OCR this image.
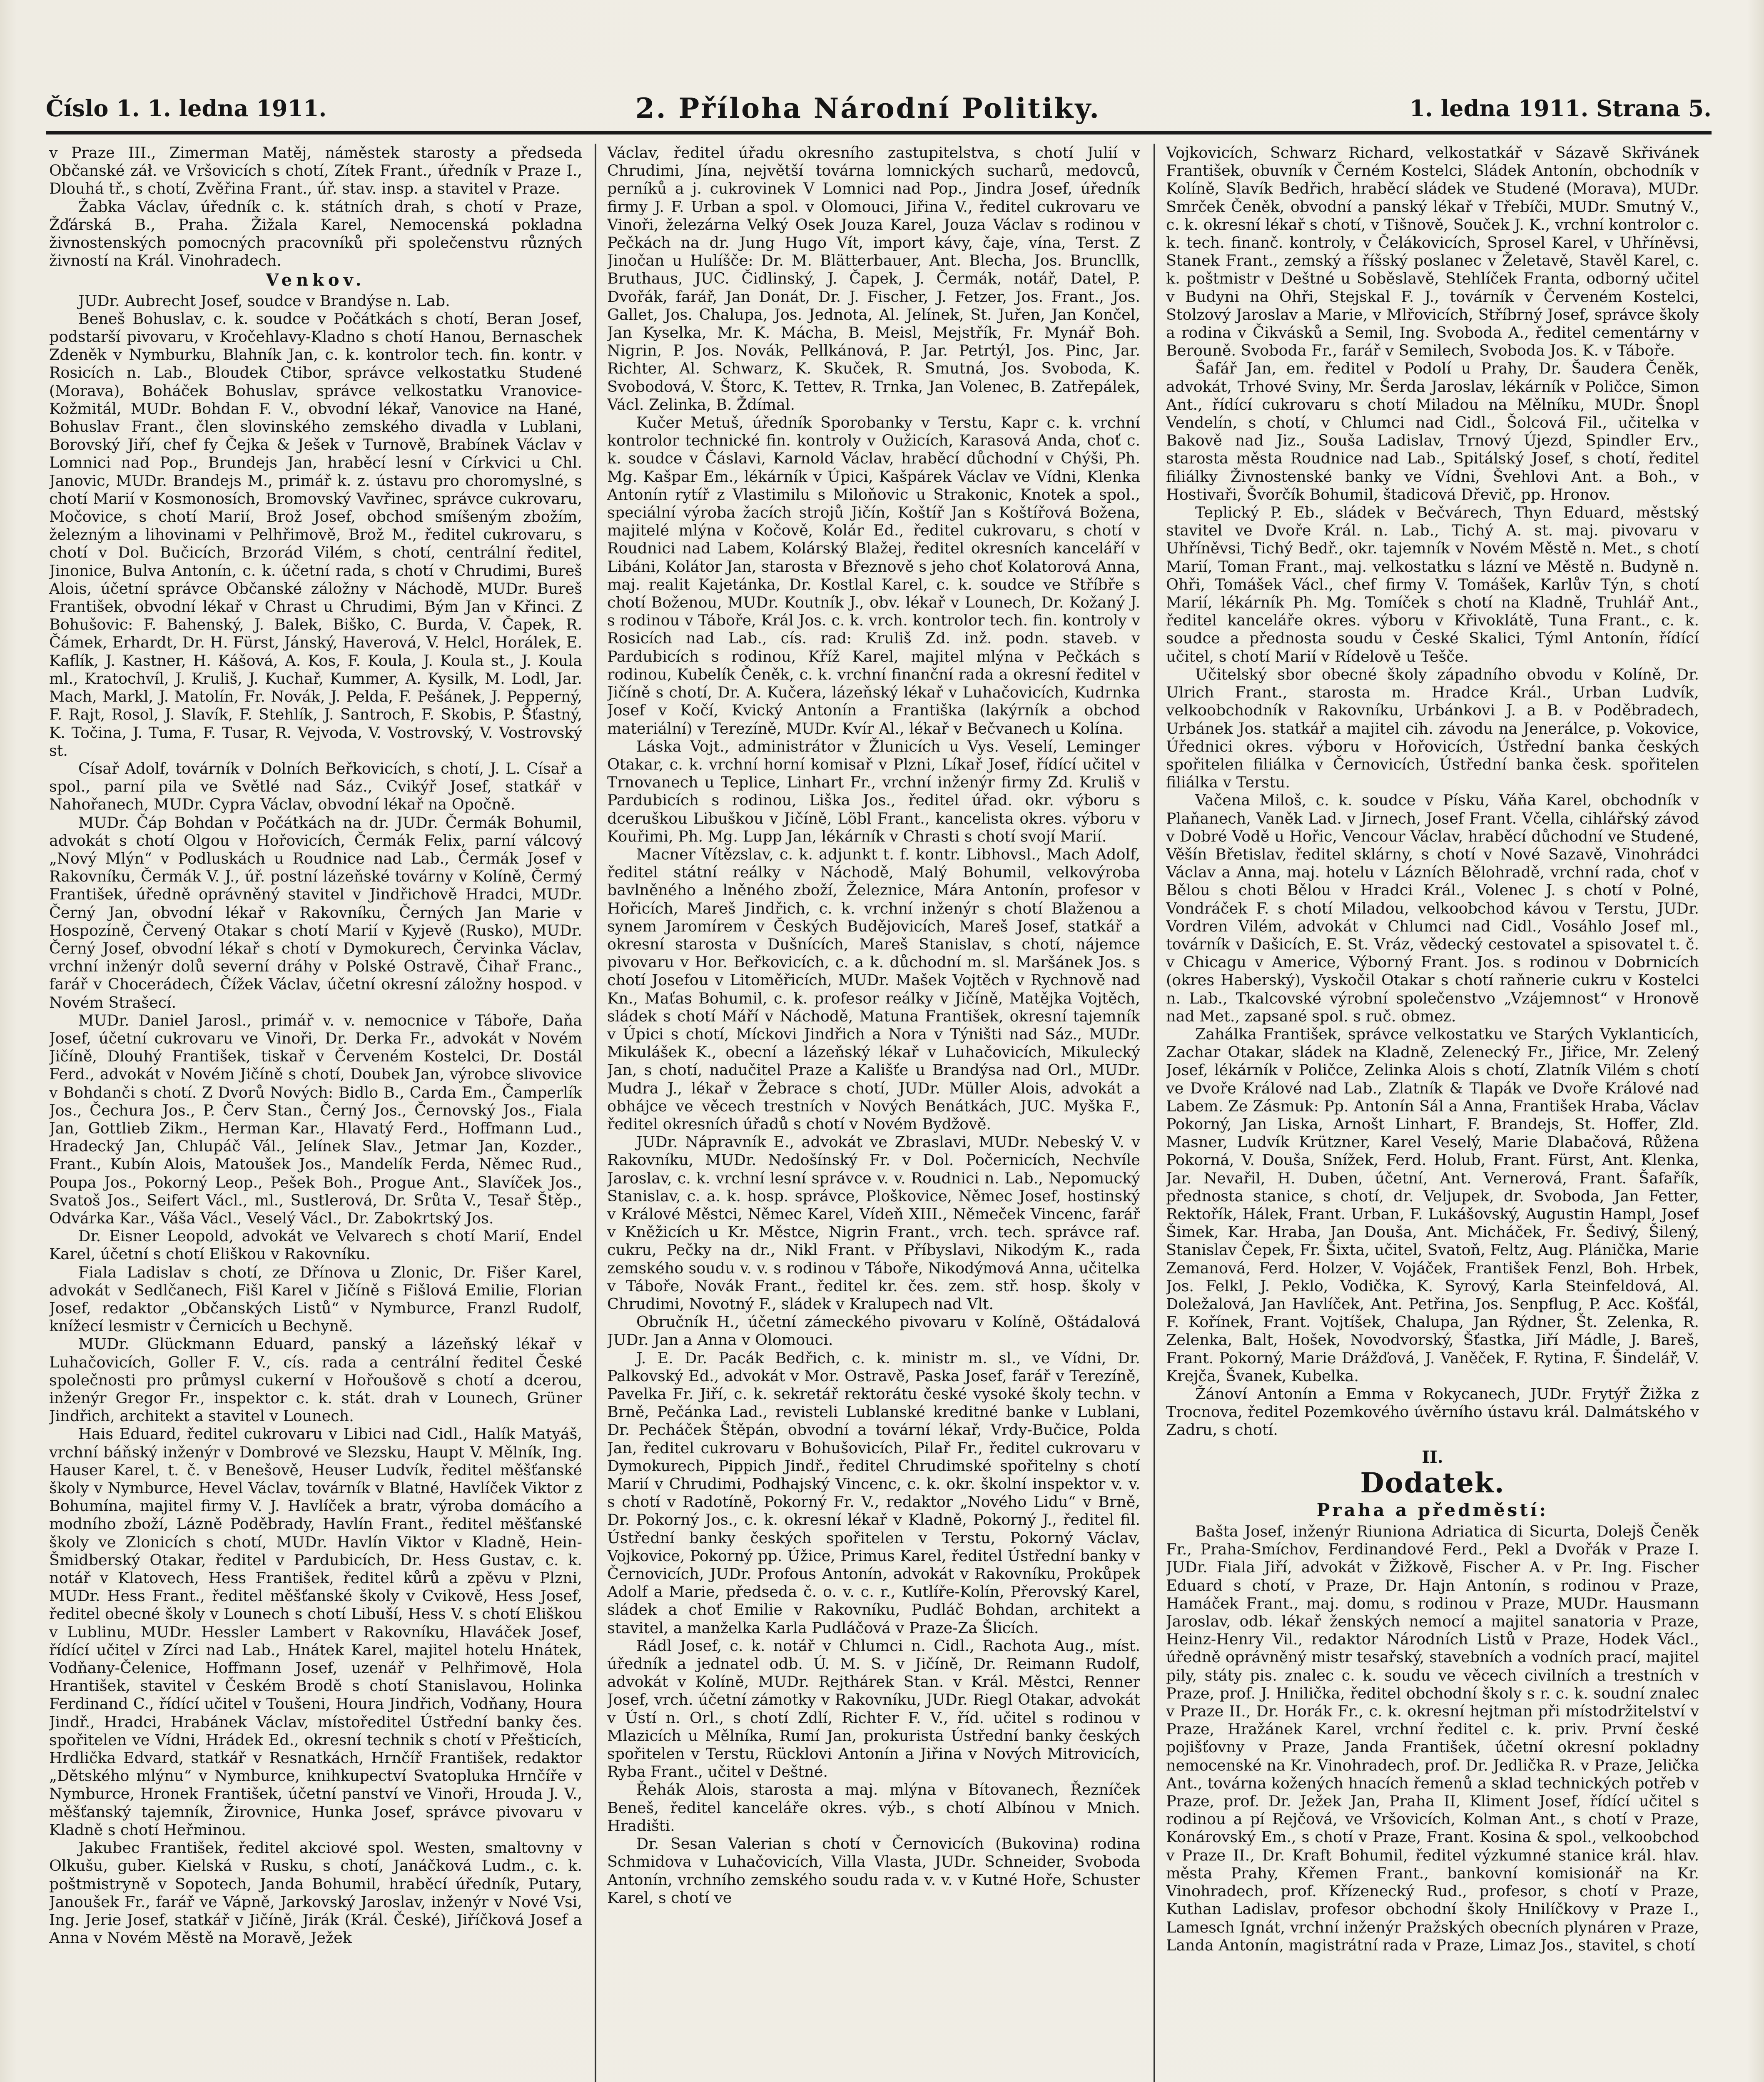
Číslo 1. 1. ledna 1911.	2. Příloha Národní Politiky.	1. ledna 1911. Strana 5.

v Praze III., Zimerman Matěj, náměstek starosty a předseda Občanské záł. ve Vršovicích s chotí, Zítek Frant., úředník v Praze I., Dlouhá tř., s chotí, Zvěřina Frant., úř. stav. insp. a stavitel v Praze.

Žabka Václav, úředník c. k. státních drah, s chotí v Praze, Žďárská B., Praha. Žižala Karel, Nemocenská pokladna živnostenských pomocných pracovníků při společenstvu různých živností na Král. Vinohradech.

Venkov.

JUDr. Aubrecht Josef, soudce v Brandýse n. Lab.

Beneš Bohuslav, c. k. soudce v Počátkách s chotí, Beran Josef, podstarší pivovaru, v Kročehlavy-Kladno s chotí Hanou, Bernaschek Zdeněk v Nymburku, Blahník Jan, c. k. kontrolor tech. fin. kontr. v Rosicích n. Lab., Bloudek Ctibor, správce velkostatku Studené (Morava), Boháček Bohuslav, správce velkostatku Vranovice-Kožmitál, MUDr. Bohdan F. V., obvodní lékař, Vanovice na Hané, Bohuslav Frant., člen slovinského zemského divadla v Lublani, Borovský Jiří, chef fy Čejka & Ješek v Turnově, Brabínek Václav v Lomnici nad Pop., Brundejs Jan, hraběcí lesní v Církvici u Chl. Janovic, MUDr. Brandejs M., primář k. z. ústavu pro choromyslné, s chotí Marií v Kosmonosích, Bromovský Vavřinec, správce cukrovaru, Močovice, s chotí Marií, Brož Josef, obchod smíšeným zbožím, železným a lihovinami v Pelhřimově, Brož M., ředitel cukrovaru, s chotí v Dol. Bučicích, Brzorád Vilém, s chotí, centrální ředitel, Jinonice, Bulva Antonín, c. k. účetní rada, s chotí v Chrudimi, Bureš Alois, účetní správce Občanské záložny v Náchodě, MUDr. Bureš František, obvodní lékař v Chrast u Chrudimi, Bým Jan v Křinci. Z Bohušovic: F. Bahenský, J. Balek, Biško, C. Burda, V. Čapek, R. Čámek, Erhardt, Dr. H. Fürst, Jánský, Haverová, V. Helcl, Horálek, E. Kaflík, J. Kastner, H. Kášová, A. Kos, F. Koula, J. Koula st., J. Koula ml., Kratochvíl, J. Kruliš, J. Kuchař, Kummer, A. Kysilk, M. Lodl, Jar. Mach, Markl, J. Matolín, Fr. Novák, J. Pelda, F. Pešánek, J. Pepperný, F. Rajt, Rosol, J. Slavík, F. Stehlík, J. Santroch, F. Skobis, P. Šťastný, K. Točina, J. Tuma, F. Tusar, R. Vejvoda, V. Vostrovský, V. Vostrovský st.

Císař Adolf, továrník v Dolních Beřkovicích, s chotí, J. L. Císař a spol., parní pila ve Světlé nad Sáz., Cvikýř Josef, statkář v Nahořanech, MUDr. Cypra Václav, obvodní lékař na Opočně.

MUDr. Čáp Bohdan v Počátkách na dr. JUDr. Čermák Bohumil, advokát s chotí Olgou v Hořovicích, Čermák Felix, parní válcový „Nový Mlýn“ v Podluskách u Roudnice nad Lab., Čermák Josef v Rakovníku, Čermák V. J., úř. postní lázeňské továrny v Kolíně, Čermý František, úředně oprávněný stavitel v Jindřichově Hradci, MUDr. Černý Jan, obvodní lékař v Rakovníku, Černých Jan Marie v Hospozíně, Červený Otakar s chotí Marií v Kyjevě (Rusko), MUDr. Černý Josef, obvodní lékař s chotí v Dymokurech, Červinka Václav, vrchní inženýr dolů severní dráhy v Polské Ostravě, Čihař Franc., farář v Chocerádech, Čížek Václav, účetní okresní záložny hospod. v Novém Strašecí.

MUDr. Daniel Jarosl., primář v. v. nemocnice v Táboře, Daňa Josef, účetní cukrovaru ve Vinoři, Dr. Derka Fr., advokát v Novém Jičíně, Dlouhý František, tiskař v Červeném Kostelci, Dr. Dostál Ferd., advokát v Novém Jičíně s chotí, Doubek Jan, výrobce slivovice v Bohdanči s chotí. Z Dvorů Nových: Bidlo B., Carda Em., Čamperlík Jos., Čechura Jos., P. Červ Stan., Černý Jos., Černovský Jos., Fiala Jan, Gottlieb Zikm., Herman Kar., Hlavatý Ferd., Hoffmann Lud., Hradecký Jan, Chlupáč Vál., Jelínek Slav., Jetmar Jan, Kozder., Frant., Kubín Alois, Matoušek Jos., Mandelík Ferda, Němec Rud., Poupa Jos., Pokorný Leop., Pešek Boh., Progue Ant., Slavíček Jos., Svatoš Jos., Seifert Václ., ml., Sustlerová, Dr. Srůta V., Tesař Štěp., Odvárka Kar., Váša Václ., Veselý Václ., Dr. Zabokrtský Jos.

Dr. Eisner Leopold, advokát ve Velvarech s chotí Marií, Endel Karel, účetní s chotí Eliškou v Rakovníku.

Fiala Ladislav s chotí, ze Dřínova u Zlonic, Dr. Fišer Karel, advokát v Sedlčanech, Fišl Karel v Jičíně s Fišlová Emilie, Florian Josef, redaktor „Občanských Listů“ v Nymburce, Franzl Rudolf, knížecí lesmistr v Černicích u Bechyně.

MUDr. Glückmann Eduard, panský a lázeňský lékař v Luhačovicích, Goller F. V., cís. rada a centrální ředitel České společnosti pro průmysl cukerní v Hořoušově s chotí a dcerou, inženýr Gregor Fr., inspektor c. k. stát. drah v Lounech, Grüner Jindřich, architekt a stavitel v Lounech.

Hais Eduard, ředitel cukrovaru v Libici nad Cidl., Halík Matyáš, vrchní báňský inženýr v Dombrové ve Slezsku, Haupt V. Mělník, Ing. Hauser Karel, t. č. v Benešově, Heuser Ludvík, ředitel měšťanské školy v Nymburce, Hevel Václav, továrník v Blatné, Havlíček Viktor z Bohumína, majitel firmy V. J. Havlíček a bratr, výroba domácího a modního zboží, Lázně Poděbrady, Havlín Frant., ředitel měšťanské školy ve Zlonicích s chotí, MUDr. Havlín Viktor v Kladně, Hein-Šmidberský Otakar, ředitel v Pardubicích, Dr. Hess Gustav, c. k. notář v Klatovech, Hess František, ředitel kůrů a zpěvu v Plzni, MUDr. Hess Frant., ředitel měšťanské školy v Cvikově, Hess Josef, ředitel obecné školy v Lounech s chotí Libuší, Hess V. s chotí Eliškou v Lublinu, MUDr. Hessler Lambert v Rakovníku, Hlaváček Josef, řídící učitel v Zírci nad Lab., Hnátek Karel, majitel hotelu Hnátek, Vodňany-Čelenice, Hoffmann Josef, uzenář v Pelhřimově, Hola Hrantišek, stavitel v Českém Brodě s chotí Stanislavou, Holinka Ferdinand C., řídící učitel v Toušeni, Houra Jindřich, Vodňany, Houra Jindř., Hradci, Hrabánek Václav, místoředitel Ústřední banky čes. spořitelen ve Vídni, Hrádek Ed., okresní technik s chotí v Přešticích, Hrdlička Edvard, statkář v Resnatkách, Hrnčíř František, redaktor „Dětského mlýnu“ v Nymburce, knihkupectví Svatopluka Hrnčíře v Nymburce, Hronek František, účetní panství ve Vinoři, Hrouda J. V., měšťanský tajemník, Žirovnice, Hunka Josef, správce pivovaru v Kladně s chotí Heřminou.

Jakubec František, ředitel akciové spol. Westen, smaltovny v Olkušu, guber. Kielská v Rusku, s chotí, Janáčková Ludm., c. k. poštmistryně v Sopotech, Janda Bohumil, hraběcí úředník, Putary, Janoušek Fr., farář ve Vápně, Jarkovský Jaroslav, inženýr v Nové Vsi, Ing. Jerie Josef, statkář v Jičíně, Jirák (Král. České), Jiříčková Josef a Anna v Novém Městě na Moravě, Ježek

Václav, ředitel úřadu okresního zastupitelstva, s chotí Julií v Chrudimi, Jína, největší továrna lomnických sucharů, medovců, perníků a j. cukrovinek V Lomnici nad Pop., Jindra Josef, úředník firmy J. F. Urban a spol. v Olomouci, Jiřina V., ředitel cukrovaru ve Vinoři, železárna Velký Osek Jouza Karel, Jouza Václav s rodinou v Pečkách na dr. Jung Hugo Vít, import kávy, čaje, vína, Terst. Z Jinočan u Hulíšče: Dr. M. Blätterbauer, Ant. Blecha, Jos. Bruncllk, Bruthaus, JUC. Čidlinský, J. Čapek, J. Čermák, notář, Datel, P. Dvořák, farář, Jan Donát, Dr. J. Fischer, J. Fetzer, Jos. Frant., Jos. Gallet, Jos. Chalupa, Jos. Jednota, Al. Jelínek, St. Juřen, Jan Končel, Jan Kyselka, Mr. K. Mácha, B. Meisl, Mejstřík, Fr. Mynář Boh. Nigrin, P. Jos. Novák, Pellkánová, P. Jar. Petrtýl, Jos. Pinc, Jar. Richter, Al. Schwarz, K. Skuček, R. Smutná, Jos. Svoboda, K. Svobodová, V. Štorc, K. Tettev, R. Trnka, Jan Volenec, B. Zatřepálek, Václ. Zelinka, B. Ždímal.

Kučer Metuš, úředník Sporobanky v Terstu, Kapr c. k. vrchní kontrolor technické fin. kontroly v Oužicích, Karasová Anda, choť c. k. soudce v Čáslavi, Karnold Václav, hraběcí důchodní v Chýši, Ph. Mg. Kašpar Em., lékárník v Úpici, Kašpárek Václav ve Vídni, Klenka Antonín rytíř z Vlastimilu s Miloňovic u Strakonic, Knotek a spol., speciální výroba žacích strojů Jičín, Koštíř Jan s Koštířová Božena, majitelé mlýna v Kočově, Kolár Ed., ředitel cukrovaru, s chotí v Roudnici nad Labem, Kolárský Blažej, ředitel okresních kanceláří v Libáni, Kolátor Jan, starosta v Březnově s jeho choť Kolatorová Anna, maj. realit Kajetánka, Dr. Kostlal Karel, c. k. soudce ve Stříbře s chotí Boženou, MUDr. Koutník J., obv. lékař v Lounech, Dr. Kožaný J. s rodinou v Táboře, Král Jos. c. k. vrch. kontrolor tech. fin. kontroly v Rosicích nad Lab., cís. rad: Kruliš Zd. inž. podn. staveb. v Pardubicích s rodinou, Kříž Karel, majitel mlýna v Pečkách s rodinou, Kubelík Čeněk, c. k. vrchní finanční rada a okresní ředitel v Jičíně s chotí, Dr. A. Kučera, lázeňský lékař v Luhačovicích, Kudrnka Josef v Kočí, Kvický Antonín a Františka (lakýrník a obchod materiální) v Terezíně, MUDr. Kvír Al., lékař v Bečvanech u Kolína.

Láska Vojt., administrátor v Žlunicích u Vys. Veselí, Leminger Otakar, c. k. vrchní horní komisař v Plzni, Líkař Josef, řídící učitel v Trnovanech u Teplice, Linhart Fr., vrchní inženýr firmy Zd. Kruliš v Pardubicích s rodinou, Liška Jos., ředitel úřad. okr. výboru s dceruškou Libuškou v Jičíně, Löbl Frant., kancelista okres. výboru v Kouřimi, Ph. Mg. Lupp Jan, lékárník v Chrasti s chotí svojí Marií.

Macner Vítězslav, c. k. adjunkt t. f. kontr. Libhovsl., Mach Adolf, ředitel státní reálky v Náchodě, Malý Bohumil, velkovýroba bavlněného a lněného zboží, Železnice, Mára Antonín, profesor v Hořicích, Mareš Jindřich, c. k. vrchní inženýr s chotí Blaženou a synem Jaromírem v Českých Budějovicích, Mareš Josef, statkář a okresní starosta v Dušnících, Mareš Stanislav, s chotí, nájemce pivovaru v Hor. Beřkovicích, c. a k. důchodní m. sl. Maršánek Jos. s chotí Josefou v Litoměřicích, MUDr. Mašek Vojtěch v Rychnově nad Kn., Maťas Bohumil, c. k. profesor reálky v Jičíně, Matějka Vojtěch, sládek s chotí Máří v Náchodě, Matuna František, okresní tajemník v Úpici s chotí, Míckovi Jindřich a Nora v Týništi nad Sáz., MUDr. Mikulášek K., obecní a lázeňský lékař v Luhačovicích, Mikulecký Jan, s chotí, nadučitel Praze a Kališťe u Brandýsa nad Orl., MUDr. Mudra J., lékař v Žebrace s chotí, JUDr. Müller Alois, advokát a obhájce ve věcech trestních v Nových Benátkách, JUC. Myška F., ředitel okresních úřadů s chotí v Novém Bydžově.

JUDr. Nápravník E., advokát ve Zbraslavi, MUDr. Nebeský V. v Rakovníku, MUDr. Nedošínský Fr. v Dol. Počernicích, Nechvíle Jaroslav, c. k. vrchní lesní správce v. v. Roudnici n. Lab., Nepomucký Stanislav, c. a. k. hosp. správce, Ploškovice, Němec Josef, hostinský v Králové Městci, Němec Karel, Vídeň XIII., Němeček Vincenc, farář v Kněžicích u Kr. Městce, Nigrin Frant., vrch. tech. správce raf. cukru, Pečky na dr., Nikl Frant. v Příbyslavi, Nikodým K., rada zemského soudu v. v. s rodinou v Táboře, Nikodýmová Anna, učitelka v Táboře, Novák Frant., ředitel kr. čes. zem. stř. hosp. školy v Chrudimi, Novotný F., sládek v Kralupech nad Vlt.

Obručník H., účetní zámeckého pivovaru v Kolíně, Oštádalová JUDr. Jan a Anna v Olomouci.

J. E. Dr. Pacák Bedřich, c. k. ministr m. sl., ve Vídni, Dr. Palkovský Ed., advokát v Mor. Ostravě, Paska Josef, farář v Terezíně, Pavelka Fr. Jiří, c. k. sekretář rektorátu české vysoké školy techn. v Brně, Pečánka Lad., revisteli Lublanské kreditné banke v Lublani, Dr. Pecháček Štěpán, obvodní a tovární lékař, Vrdy-Bučice, Polda Jan, ředitel cukrovaru v Bohušovicích, Pilař Fr., ředitel cukrovaru v Dymokurech, Pippich Jindř., ředitel Chrudimské spořitelny s chotí Marií v Chrudimi, Podhajský Vincenc, c. k. okr. školní inspektor v. v. s chotí v Radotíně, Pokorný Fr. V., redaktor „Nového Lidu“ v Brně, Dr. Pokorný Jos., c. k. okresní lékař v Kladně, Pokorný J., ředitel fil. Ústřední banky českých spořitelen v Terstu, Pokorný Václav, Vojkovice, Pokorný pp. Úžice, Primus Karel, ředitel Ústřední banky v Černovicích, JUDr. Profous Antonín, advokát v Rakovníku, Prokůpek Adolf a Marie, předseda č. o. v. c. r., Kutlíře-Kolín, Přerovský Karel, sládek a choť Emilie v Rakovníku, Pudláč Bohdan, architekt a stavitel, a manželka Karla Pudláčová v Praze-Za Šlicích.

Rádl Josef, c. k. notář v Chlumci n. Cidl., Rachota Aug., míst. úředník a jednatel odb. Ú. M. S. v Jičíně, Dr. Reimann Rudolf, advokát v Kolíně, MUDr. Rejthárek Stan. v Král. Městci, Renner Josef, vrch. účetní zámotky v Rakovníku, JUDr. Riegl Otakar, advokát v Ústí n. Orl., s chotí Zdlí, Richter F. V., říd. učitel s rodinou v Mlazicích u Mělníka, Rumí Jan, prokurista Ústřední banky českých spořitelen v Terstu, Rücklovi Antonín a Jiřina v Nových Mitrovicích, Ryba Frant., učitel v Deštné.

Řehák Alois, starosta a maj. mlýna v Bítovanech, Řezníček Beneš, ředitel kanceláře okres. výb., s chotí Albínou v Mnich. Hradišti.

Dr. Sesan Valerian s chotí v Černovicích (Bukovina) rodina Schmidova v Luhačovicích, Villa Vlasta, JUDr. Schneider, Svoboda Antonín, vrchního zemského soudu rada v. v. v Kutné Hoře, Schuster Karel, s chotí ve

Vojkovicích, Schwarz Richard, velkostatkář v Sázavě Skřivánek František, obuvník v Černém Kostelci, Sládek Antonín, obchodník v Kolíně, Slavík Bedřich, hraběcí sládek ve Studené (Morava), MUDr. Smrček Čeněk, obvodní a panský lékař v Třebíči, MUDr. Smutný V., c. k. okresní lékař s chotí, v Tišnově, Souček J. K., vrchní kontrolor c. k. tech. finanč. kontroly, v Čelákovicích, Sprosel Karel, v Uhříněvsi, Stanek Frant., zemský a říšský poslanec v Želetavě, Stavěl Karel, c. k. poštmistr v Deštné u Soběslavě, Stehlíček Franta, odborný učitel v Budyni na Ohři, Stejskal F. J., továrník v Červeném Kostelci, Stolzový Jaroslav a Marie, v Mlřovicích, Stříbrný Josef, správce školy a rodina v Čikvásků a Semil, Ing. Svoboda A., ředitel cementárny v Berouně. Svoboda Fr., farář v Semilech, Svoboda Jos. K. v Táboře.

Šafář Jan, em. ředitel v Podolí u Prahy, Dr. Šaudera Čeněk, advokát, Trhové Sviny, Mr. Šerda Jaroslav, lékárník v Poličce, Simon Ant., řídící cukrovaru s chotí Miladou na Mělníku, MUDr. Šnopl Vendelín, s chotí, v Chlumci nad Cidl., Šolcová Fil., učitelka v Bakově nad Jiz., Souša Ladislav, Trnový Újezd, Spindler Erv., starosta města Roudnice nad Lab., Spitálský Josef, s chotí, ředitel filiálky Živnostenské banky ve Vídni, Švehlovi Ant. a Boh., v Hostivaři, Švorčík Bohumil, štadicová Dřevič, pp. Hronov.

Teplický P. Eb., sládek v Bečvárech, Thyn Eduard, městský stavitel ve Dvoře Král. n. Lab., Tichý A. st. maj. pivovaru v Uhříněvsi, Tichý Bedř., okr. tajemník v Novém Městě n. Met., s chotí Marií, Toman Frant., maj. velkostatku s lázní ve Městě n. Budyně n. Ohři, Tomášek Václ., chef firmy V. Tomášek, Karlův Týn, s chotí Marií, lékárník Ph. Mg. Tomíček s chotí na Kladně, Truhlář Ant., ředitel kanceláře okres. výboru v Křivoklátě, Tuna Frant., c. k. soudce a přednosta soudu v České Skalici, Týml Antonín, řídící učitel, s chotí Marií v Rídelově u Tešče.

Učitelský sbor obecné školy západního obvodu v Kolíně, Dr. Ulrich Frant., starosta m. Hradce Král., Urban Ludvík, velkoobchodník v Rakovníku, Urbánkovi J. a B. v Poděbradech, Urbánek Jos. statkář a majitel cih. závodu na Jenerálce, p. Vokovice, Úřednici okres. výboru v Hořovicích, Ústřední banka českých spořitelen filiálka v Černovicích, Ústřední banka česk. spořitelen filiálka v Terstu.

Vačena Miloš, c. k. soudce v Písku, Váňa Karel, obchodník v Plaňanech, Vaněk Lad. v Jirnech, Josef Frant. Včella, cihlářský závod v Dobré Vodě u Hořic, Vencour Václav, hraběcí důchodní ve Studené, Věšín Břetislav, ředitel sklárny, s chotí v Nové Sazavě, Vinohrádci Václav a Anna, maj. hotelu v Lázních Bělohradě, vrchní rada, choť v Bělou s choti Bělou v Hradci Král., Volenec J. s chotí v Polné, Vondráček F. s chotí Miladou, velkoobchod kávou v Terstu, JUDr. Vordren Vilém, advokát v Chlumci nad Cidl., Vosáhlo Josef ml., továrník v Dašicích, E. St. Vráz, vědecký cestovatel a spisovatel t. č. v Chicagu v Americe, Výborný Frant. Jos. s rodinou v Dobrnicích (okres Haberský), Vyskočil Otakar s chotí raňnerie cukru v Kostelci n. Lab., Tkalcovské výrobní společenstvo „Vzájemnost“ v Hronově nad Met., zapsané spol. s ruč. obmez.

Zahálka František, správce velkostatku ve Starých Vyklanticích, Zachar Otakar, sládek na Kladně, Zelenecký Fr., Jiřice, Mr. Zelený Josef, lékárník v Poličce, Zelinka Alois s chotí, Zlatník Vilém s chotí ve Dvoře Králové nad Lab., Zlatník & Tlapák ve Dvoře Králové nad Labem. Ze Zásmuk: Pp. Antonín Sál a Anna, František Hraba, Václav Pokorný, Jan Liska, Arnošt Linhart, F. Brandejs, St. Hoffer, Zld. Masner, Ludvík Krützner, Karel Veselý, Marie Dlabačová, Růžena Pokorná, V. Douša, Snížek, Ferd. Holub, Frant. Fürst, Ant. Klenka, Jar. Nevařil, H. Duben, účetní, Ant. Vernerová, Frant. Šafařík, přednosta stanice, s chotí, dr. Veljupek, dr. Svoboda, Jan Fetter, Rektořík, Hálek, Frant. Urban, F. Lukášovský, Augustin Hampl, Josef Šimek, Kar. Hraba, Jan Douša, Ant. Micháček, Fr. Šedivý, Šilený, Stanislav Čepek, Fr. Šixta, učitel, Svatoň, Feltz, Aug. Plánička, Marie Zemanová, Ferd. Holzer, V. Vojáček, František Fenzl, Boh. Hrbek, Jos. Felkl, J. Peklo, Vodička, K. Syrový, Karla Steinfeldová, Al. Doležalová, Jan Havlíček, Ant. Petřina, Jos. Senpflug, P. Acc. Košťál, F. Kořínek, Frant. Vojtíšek, Chalupa, Jan Rýdner, Št. Zelenka, R. Zelenka, Balt, Hošek, Novodvorský, Šťastka, Jiří Mádle, J. Bareš, Frant. Pokorný, Marie Drážďová, J. Vaněček, F. Rytina, F. Šindelář, V. Krejča, Švanek, Kubelka.

Žánoví Antonín a Emma v Rokycanech, JUDr. Frytýř Žižka z Trocnova, ředitel Pozemkového úvěrního ústavu král. Dalmátského v Zadru, s chotí.

II.
Dodatek.
Praha a předměstí:

Bašta Josef, inženýr Riuniona Adriatica di Sicurta, Dolejš Čeněk Fr., Praha-Smíchov, Ferdinandové Ferd., Pekl a Dvořák v Praze I. JUDr. Fiala Jiří, advokát v Žižkově, Fischer A. v Pr. Ing. Fischer Eduard s chotí, v Praze, Dr. Hajn Antonín, s rodinou v Praze, Hamáček Frant., maj. domu, s rodinou v Praze, MUDr. Hausmann Jaroslav, odb. lékař ženských nemocí a majitel sanatoria v Praze, Heinz-Henry Vil., redaktor Národních Listů v Praze, Hodek Václ., úředně oprávněný mistr tesařský, stavebních a vodních prací, majitel pily, státy pis. znalec c. k. soudu ve věcech civilních a trestních v Praze, prof. J. Hnilička, ředitel obchodní školy s r. c. k. soudní znalec v Praze II., Dr. Horák Fr., c. k. okresní hejtman při místodržitelství v Praze, Hražánek Karel, vrchní ředitel c. k. priv. První české pojišťovny v Praze, Janda František, účetní okresní pokladny nemocenské na Kr. Vinohradech, prof. Dr. Jedlička R. v Praze, Jelička Ant., továrna kožených hnacích řemenů a sklad technických potřeb v Praze, prof. Dr. Ježek Jan, Praha II, Kliment Josef, řídící učitel s rodinou a pí Rejčová, ve Vršovicích, Kolman Ant., s chotí v Praze, Konárovský Em., s chotí v Praze, Frant. Kosina & spol., velkoobchod v Praze II., Dr. Kraft Bohumil, ředitel výzkumné stanice král. hlav. města Prahy, Křemen Frant., bankovní komisionář na Kr. Vinohradech, prof. Křízenecký Rud., profesor, s chotí v Praze, Kuthan Ladislav, profesor obchodní školy Hnilíčkovy v Praze I., Lamesch Ignát, vrchní inženýr Pražských obecních plynáren v Praze, Landa Antonín, magistrátní rada v Praze, Limaz Jos., stavitel, s chotí
